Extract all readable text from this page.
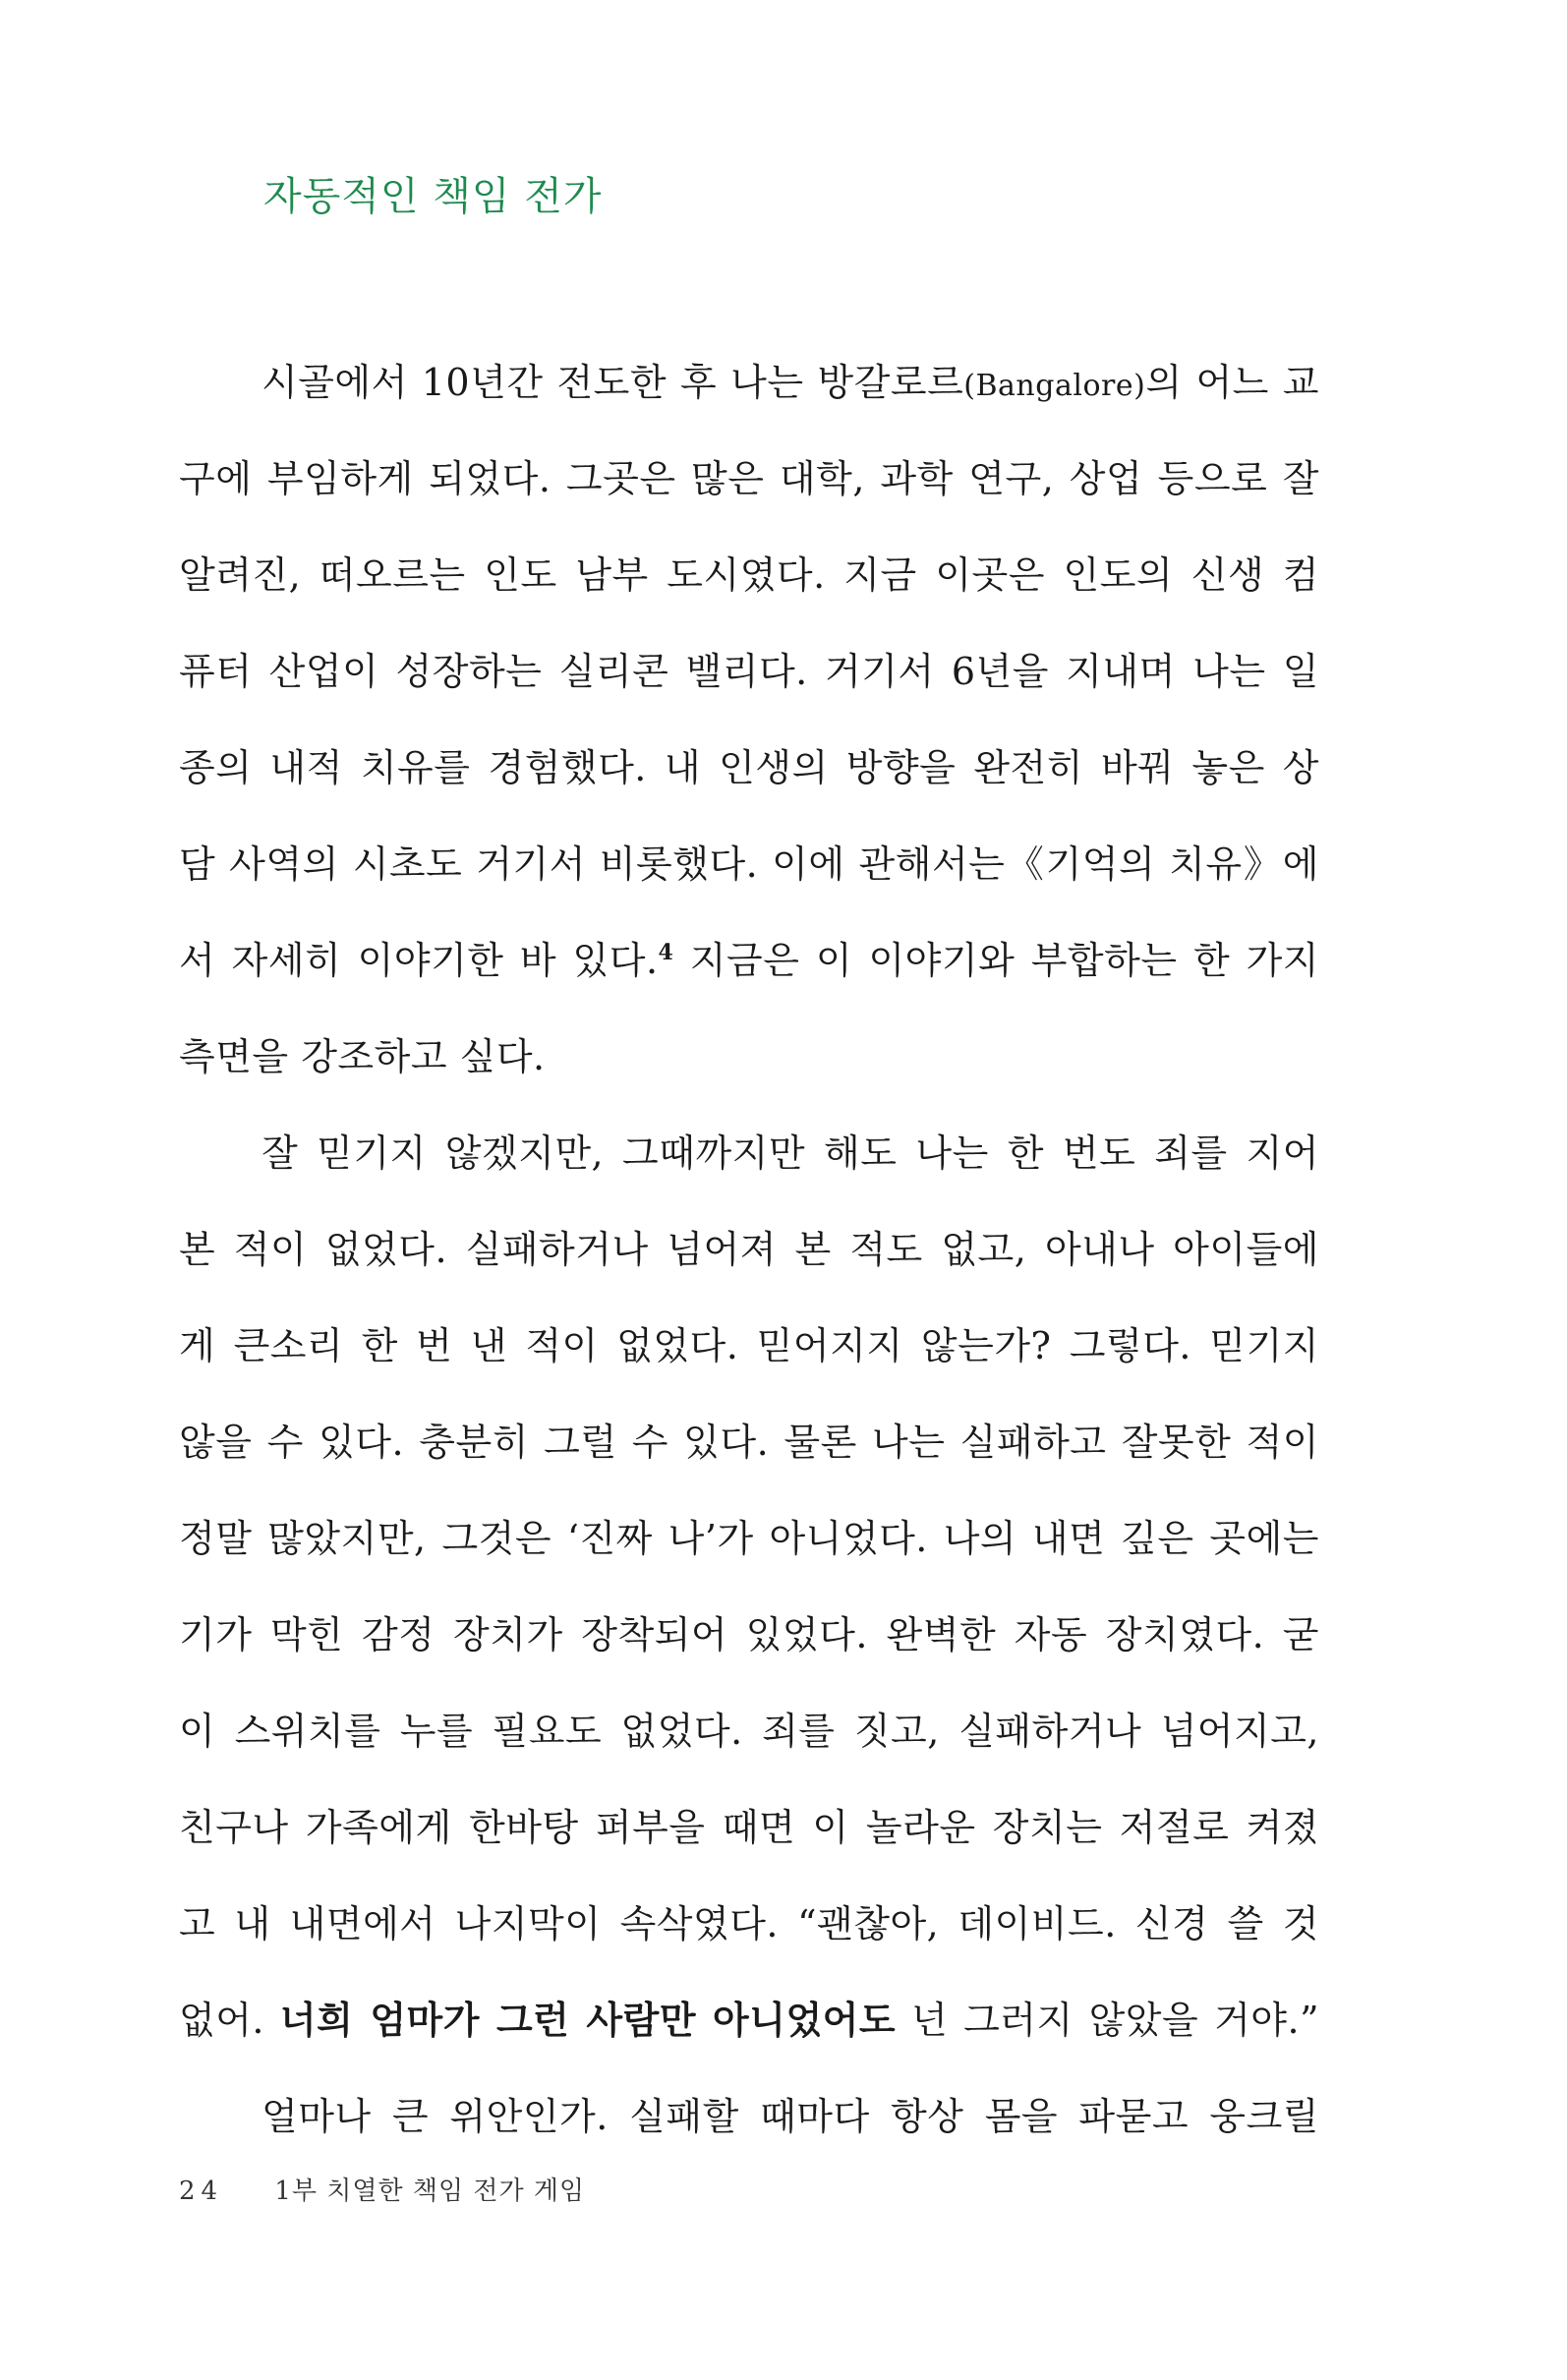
자동적인 책임 전가
시골에서 10년간 전도한 후 나는 방갈로르(Bangalore)의 어느 교
구에 부임하게 되었다. 그곳은 많은 대학, 과학 연구, 상업 등으로 잘
알려진, 떠오르는 인도 남부 도시였다. 지금 이곳은 인도의 신생 컴
퓨터 산업이 성장하는 실리콘 밸리다. 거기서 6년을 지내며 나는 일
종의 내적 치유를 경험했다. 내 인생의 방향을 완전히 바꿔 놓은 상
담 사역의 시초도 거기서 비롯했다. 이에 관해서는《기억의 치유》에
서 자세히 이야기한 바 있다.$^4$ 지금은 이 이야기와 부합하는 한 가지
측면을 강조하고 싶다.
잘 믿기지 않겠지만, 그때까지만 해도 나는 한 번도 죄를 지어
본 적이 없었다. 실패하거나 넘어져 본 적도 없고, 아내나 아이들에
게 큰소리 한 번 낸 적이 없었다. 믿어지지 않는가? 그렇다. 믿기지
않을 수 있다. 충분히 그럴 수 있다. 물론 나는 실패하고 잘못한 적이
정말 많았지만, 그것은 ‘진짜 나’가 아니었다. 나의 내면 깊은 곳에는
기가 막힌 감정 장치가 장착되어 있었다. 완벽한 자동 장치였다. 굳
이 스위치를 누를 필요도 없었다. 죄를 짓고, 실패하거나 넘어지고,
친구나 가족에게 한바탕 퍼부을 때면 이 놀라운 장치는 저절로 켜졌
고 내 내면에서 나지막이 속삭였다. “괜찮아, 데이비드. 신경 쓸 것
없어. 너희 엄마가 그런 사람만 아니었어도 넌 그러지 않았을 거야.”
얼마나 큰 위안인가. 실패할 때마다 항상 몸을 파묻고 웅크릴
24 1부 치열한 책임 전가 게임
